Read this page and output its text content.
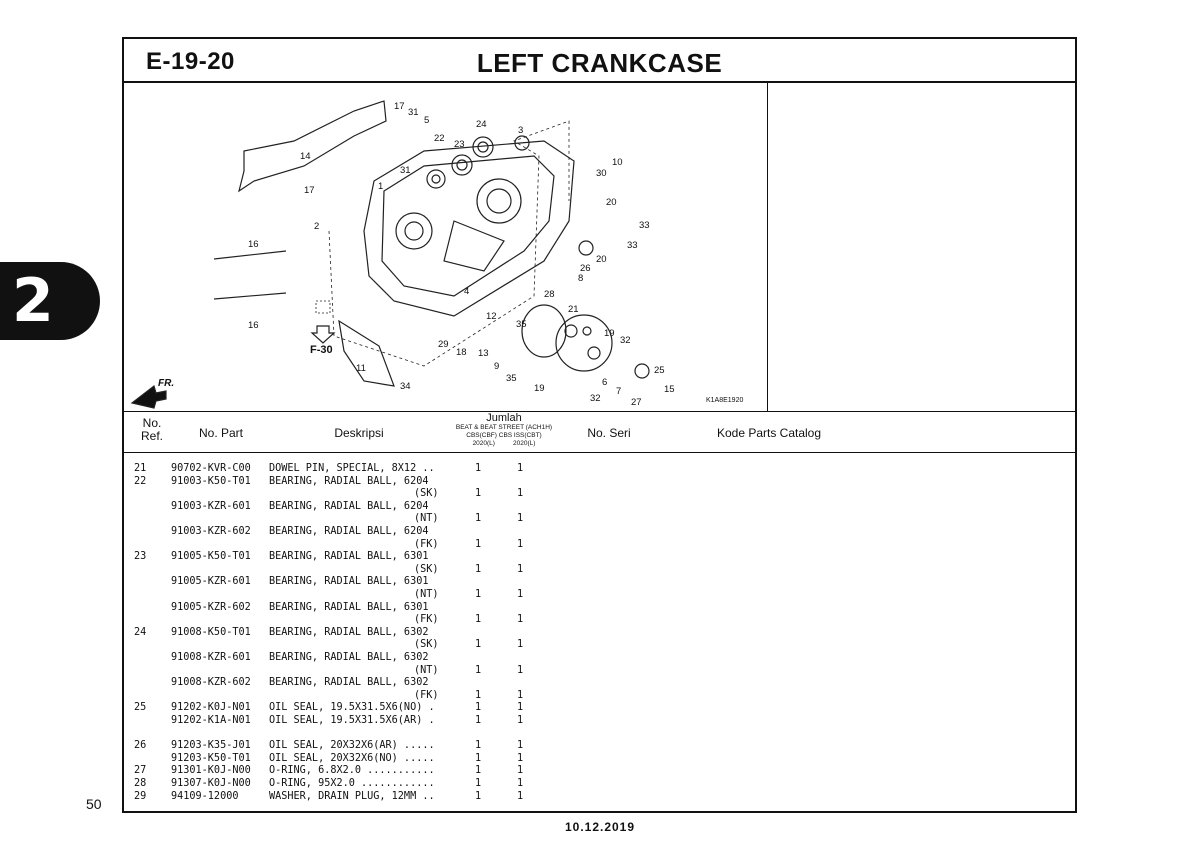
2
50
10.12.2019
E-19-20	LEFT CRANKCASE
1
2
3
4
5
8
9
10
11
12
13
14
15
16
16
17
17
18
19
19
20
20
21
22
23
24
25
26
27
28
29
30
31
31
32
32
33
33
34
35
35	6
7
F-30
FR.
K1A8E1920
No.
Ref.	No. Part	Deskripsi
Jumlah
BEAT & BEAT STREET (ACH1H)
CBS(CBF) CBS ISS(CBT)
2020(L)          2020(L)
No. Seri	Kode Parts Catalog
21 90702-KVR-C00 DOWEL PIN, SPECIAL, 8X12 ..	1	1
22 91003-K50-T01 BEARING, RADIAL BALL, 6204
(SK)	1	1
91003-KZR-601 BEARING, RADIAL BALL, 6204
(NT)	1	1
91003-KZR-602 BEARING, RADIAL BALL, 6204
(FK)	1	1
23 91005-K50-T01 BEARING, RADIAL BALL, 6301
(SK)	1	1
91005-KZR-601 BEARING, RADIAL BALL, 6301
(NT)	1	1
91005-KZR-602 BEARING, RADIAL BALL, 6301
(FK)	1	1
24 91008-K50-T01 BEARING, RADIAL BALL, 6302
(SK)	1	1
91008-KZR-601 BEARING, RADIAL BALL, 6302
(NT)	1	1
91008-KZR-602 BEARING, RADIAL BALL, 6302
(FK)	1	1
25 91202-K0J-N01 OIL SEAL, 19.5X31.5X6(NO) .	1	1
91202-K1A-N01 OIL SEAL, 19.5X31.5X6(AR) .	1	1
26 91203-K35-J01 OIL SEAL, 20X32X6(AR) .....	1	1
91203-K50-T01 OIL SEAL, 20X32X6(NO) .....	1	1
27 91301-K0J-N00 O-RING, 6.8X2.0 ...........	1	1
28 91307-K0J-N00 O-RING, 95X2.0 ............	1	1
29 94109-12000	WASHER, DRAIN PLUG, 12MM ..	1	1
